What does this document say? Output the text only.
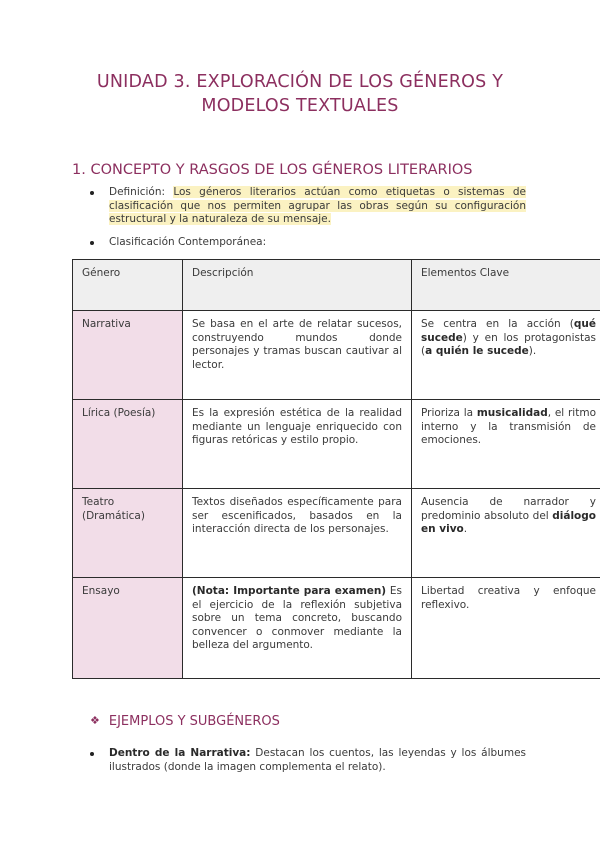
UNIDAD 3. EXPLORACIÓN DE LOS GÉNEROS Y
MODELOS TEXTUALES
1. CONCEPTO Y RASGOS DE LOS GÉNEROS LITERARIOS
Definición: Los géneros literarios actúan como etiquetas o sistemas de clasificación que nos permiten agrupar las obras según su configuración estructural y la naturaleza de su mensaje.
Clasificación Contemporánea:
Género	Descripción	Elementos Clave
Narrativa	Se basa en el arte de relatar sucesos, construyendo mundos donde personajes y tramas buscan cautivar al lector.	Se centra en la acción (qué sucede) y en los protagonistas (a quién le sucede).
Lírica (Poesía)	Es la expresión estética de la realidad mediante un lenguaje enriquecido con figuras retóricas y estilo propio.	Prioriza la musicalidad, el ritmo interno y la transmisión de emociones.
Teatro (Dramática)	Textos diseñados específicamente para ser escenificados, basados en la interacción directa de los personajes.	Ausencia de narrador y predominio absoluto del diálogo en vivo.
Ensayo	(Nota: Importante para examen) Es el ejercicio de la reflexión subjetiva sobre un tema concreto, buscando convencer o conmover mediante la belleza del argumento.	Libertad creativa y enfoque reflexivo.
❖ EJEMPLOS Y SUBGÉNEROS
Dentro de la Narrativa: Destacan los cuentos, las leyendas y los álbumes ilustrados (donde la imagen complementa el relato).
